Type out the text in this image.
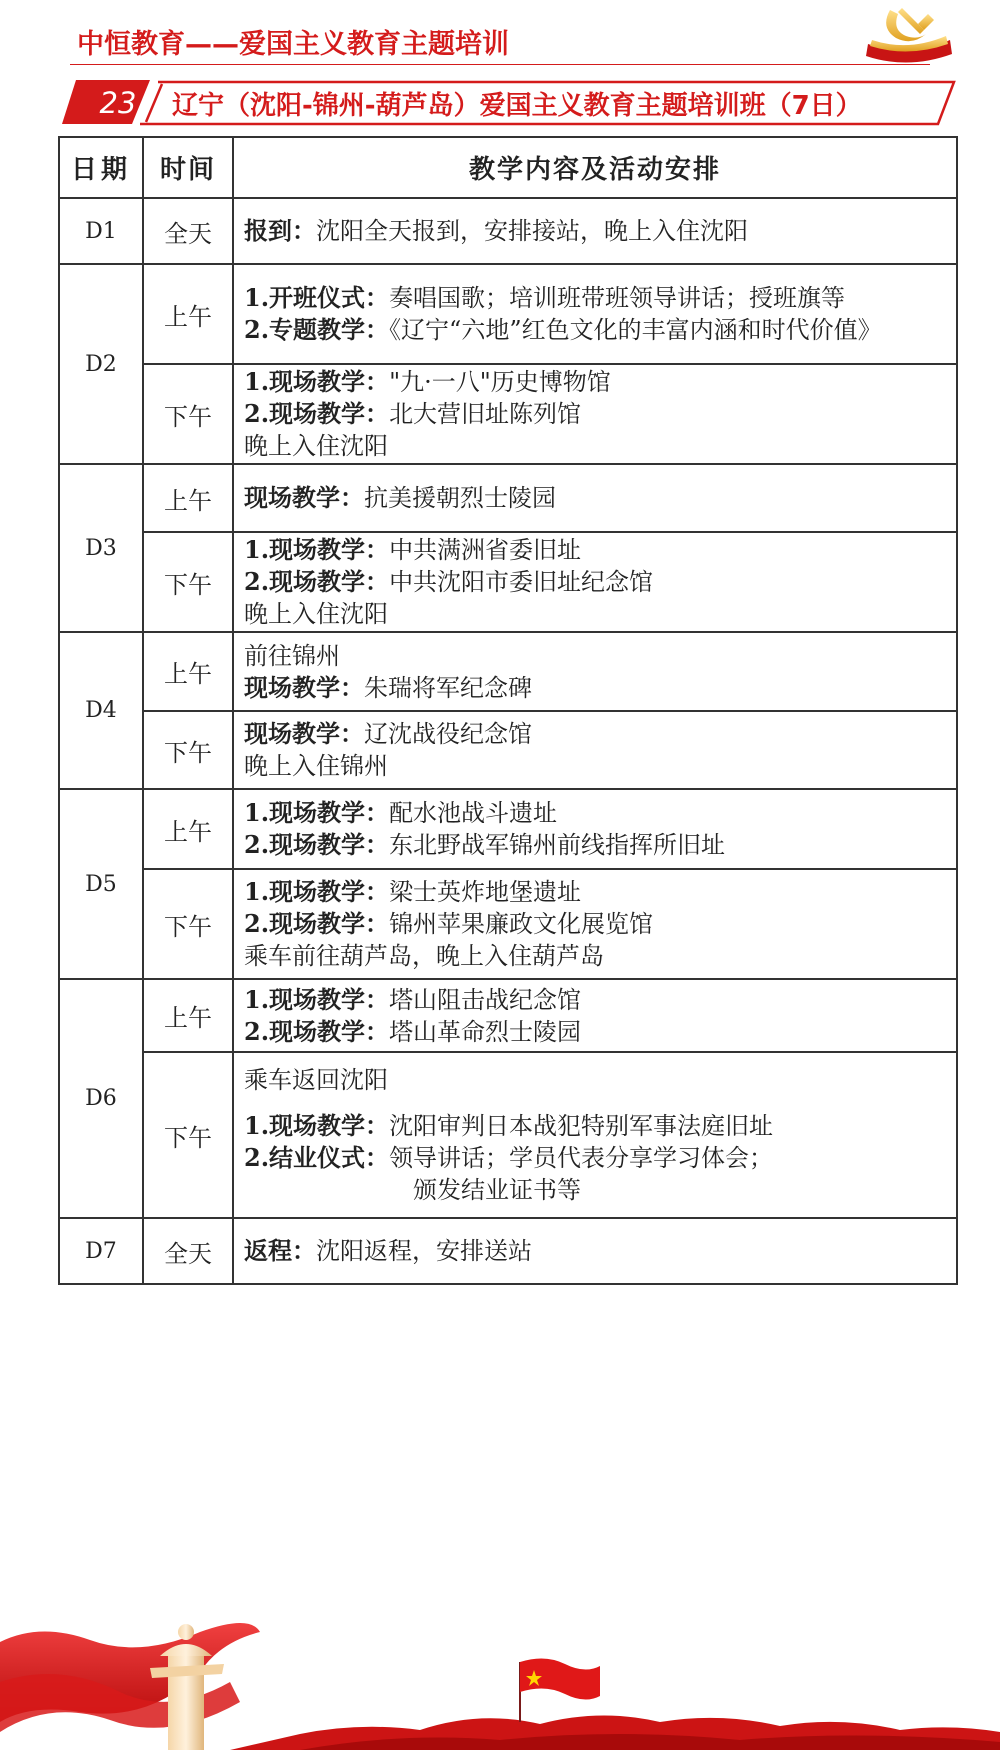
中恒教育——爱国主义教育主题培训
23	辽宁（沈阳-锦州-葫芦岛）爱国主义教育主题培训班（7日）
日期	时间	教学内容及活动安排
D1	全天	报到：沈阳全天报到，安排接站，晚上入住沈阳

D2	上午	1.开班仪式：奏唱国歌；培训班带班领导讲话；授班旗等
2.专题教学：《辽宁“六地”红色文化的丰富内涵和时代价值》

	下午	1.现场教学："九·一八"历史博物馆
2.现场教学：北大营旧址陈列馆
晚上入住沈阳

D3	上午	现场教学：抗美援朝烈士陵园

	下午	1.现场教学：中共满洲省委旧址
2.现场教学：中共沈阳市委旧址纪念馆
晚上入住沈阳

D4	上午	前往锦州
现场教学：朱瑞将军纪念碑

	下午	现场教学：辽沈战役纪念馆
晚上入住锦州

D5	上午	1.现场教学：配水池战斗遗址
2.现场教学：东北野战军锦州前线指挥所旧址

	下午	1.现场教学：梁士英炸地堡遗址
2.现场教学：锦州苹果廉政文化展览馆
乘车前往葫芦岛，晚上入住葫芦岛

D6	上午	1.现场教学：塔山阻击战纪念馆
2.现场教学：塔山革命烈士陵园

	下午	乘车返回沈阳
1.现场教学：沈阳审判日本战犯特别军事法庭旧址
2.结业仪式：领导讲话；学员代表分享学习体会；
颁发结业证书等

D7	全天	返程：沈阳返程，安排送站
